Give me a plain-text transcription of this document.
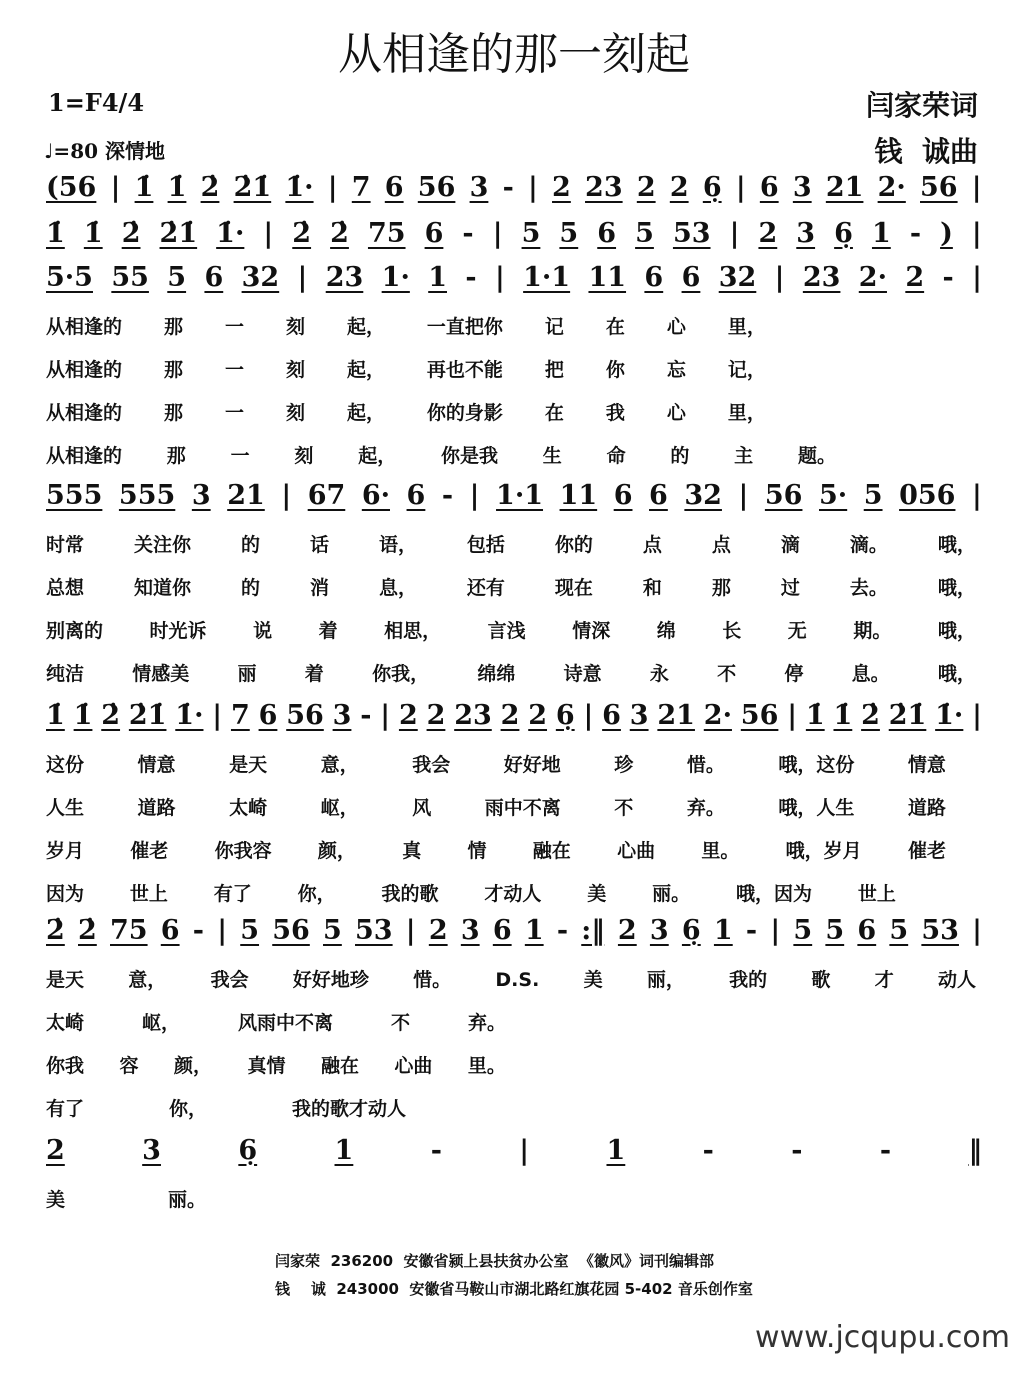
从相逢的那一刻起
1=F4/4
♩=80 深情地
闫家荣词
钱  诚曲
(56 | 1̇ 1̇ 2̇ 2̇1̇ 1̇· | 7 6 56 3 - | 2 23 2 2 6̣ | 6 3 21 2· 56 |
1̇ 1̇ 2̇ 2̇1̇ 1̇· | 2̇ 2̇ 75 6 - | 5 5 6 5 53 | 2 3 6̣ 1 - ) |
5·5 55 5 6 32 | 23 1· 1 - | 1·1 11 6 6 32 | 23 2· 2 - |
从相逢的 那 一 刻 起， 一直把你 记 在 心 里，
从相逢的 那 一 刻 起， 再也不能 把 你 忘 记，
从相逢的 那 一 刻 起， 你的身影 在 我 心 里，
从相逢的 那 一 刻 起， 你是我 生 命 的 主 题。
555 555 3 21 | 67 6· 6 - | 1·1 11 6 6 32 | 56 5· 5 056 |
时常	关注你	的	话	语，	包括	你的	点	点	滴	滴。	哦，
总想	知道你	的	消	息，	还有	现在	和	那	过	去。	哦，
别离的 时光诉 说 着 相思， 言浅 情深 绵 长 无 期。 哦，
纯洁	情感美	丽	着	你我，	绵绵	诗意	永	不	停	息。	哦，
1̇ 1̇ 2̇ 2̇1̇ 1̇· | 7 6 56 3 - | 2 2 23 2 2 6̣ | 6 3 21 2· 56 | 1̇ 1̇ 2̇ 2̇1̇ 1̇· |
这份	情意	是天	意，	我会	好好地	珍	惜。	哦，这份	情意
人生	道路	太崎	岖，	风	雨中不离	不	弃。	哦，人生	道路
岁月 催老 你我容 颜， 真 情 融在 心曲 里。 哦，岁月 催老
因为 世上 有了 你， 我的歌 才动人 美 丽。 哦，因为 世上
2̇ 2̇ 75 6 - | 5 56 5 53 | 2 3 6 1 - :‖ 2 3 6̣ 1 - | 5 5 6 5 53 |
是天 意， 我会 好好地珍 惜。 D.S. 美 丽， 我的 歌 才 动人
太崎	岖，	风雨中不离	不	弃。
你我 容 颜， 真情 融在 心曲 里。
有了	你，	我的歌才动人
2	3	6̣	1	-	|	1	-	-	-	‖
美	丽。
闫家荣  236200  安徽省颍上县扶贫办公室  《徽风》词刊编辑部
钱    诚  243000  安徽省马鞍山市湖北路红旗花园 5-402 音乐创作室
www.jcqupu.com
